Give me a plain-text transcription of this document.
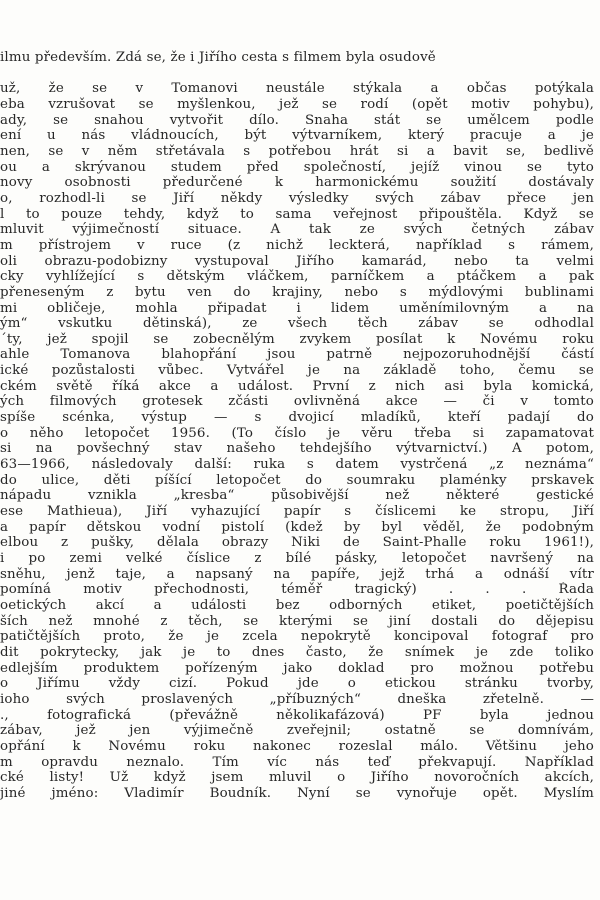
ilmu především. Zdá se, že i Jiřího cesta s filmem byla osudově
už, že se v Tomanovi neustále stýkala a občas potýkala
eba vzrušovat se myšlenkou, jež se rodí (opět motiv pohybu),
ady, se snahou vytvořit dílo. Snaha stát se umělcem podle
ení u nás vládnoucích, být výtvarníkem, který pracuje a je
nen, se v něm střetávala s potřebou hrát si a bavit se, bedlivě
ou a skrývanou studem před společností, jejíž vinou se tyto
novy osobnosti předurčené k harmonickému soužití dostávaly
o, rozhodl-li se Jiří někdy výsledky svých zábav přece jen
l to pouze tehdy, když to sama veřejnost připouštěla. Když se
mluvit výjimečností situace. A tak ze svých četných zábav
m přístrojem v ruce (z nichž leckterá, například s rámem,
oli obrazu-podobizny vystupoval Jiřího kamarád, nebo ta velmi
cky vyhlížející s dětským vláčkem, parníčkem a ptáčkem a pak
přeneseným z bytu ven do krajiny, nebo s mýdlovými bublinami
mi obličeje, mohla připadat i lidem uměnímilovným a na
ým“ vskutku dětinská), ze všech těch zábav se odhodlal
´ty, jež spojil se zobecnělým zvykem posílat k Novému roku
ahle Tomanova blahopřání jsou patrně nejpozoruhodnější částí
ické pozůstalosti vůbec. Vytvářel je na základě toho, čemu se
ckém světě říká akce a událost. První z nich asi byla komická,
ých filmových grotesek zčásti ovlivněná akce — či v tomto
spíše scénka, výstup — s dvojicí mladíků, kteří padají do
o něho letopočet 1956. (To číslo je věru třeba si zapamatovat
si na povšechný stav našeho tehdejšího výtvarnictví.) A potom,
63—1966, následovaly další: ruka s datem vystrčená „z neznáma“
do ulice, děti píšící letopočet do soumraku plaménky prskavek
nápadu vznikla „kresba“ působivější než některé gestické
ese Mathieua), Jiří vyhazující papír s číslicemi ke stropu, Jiří
a papír dětskou vodní pistolí (kdež by byl věděl, že podobným
elbou z pušky, dělala obrazy Niki de Saint-Phalle roku 1961!),
i po zemi velké číslice z bílé pásky, letopočet navršený na
sněhu, jenž taje, a napsaný na papíře, jejž trhá a odnáší vítr
pomíná motiv přechodnosti, téměř tragický) . . . Řada
oetických akcí a události bez odborných etiket, poetičtějších
ších než mnohé z těch, se kterými se jiní dostali do dějepisu
patičtějších proto, že je zcela nepokrytě koncipoval fotograf pro
dit pokrytecky, jak je to dnes často, že snímek je zde toliko
edlejším produktem pořízeným jako doklad pro možnou potřebu
o Jiřímu vždy cizí. Pokud jde o etickou stránku tvorby,
ioho svých proslavených „příbuzných“ dneška zřetelně. —
., fotografická (převážně několikafázová) PF byla jednou
zábav, jež jen výjimečně zveřejnil; ostatně se domnívám,
opřání k Novému roku nakonec rozeslal málo. Většinu jeho
m opravdu neznalo. Tím víc nás teď překvapují. Například
cké listy! Už když jsem mluvil o Jiřího novoročních akcích,
jiné jméno: Vladimír Boudník. Nyní se vynořuje opět. Myslím
